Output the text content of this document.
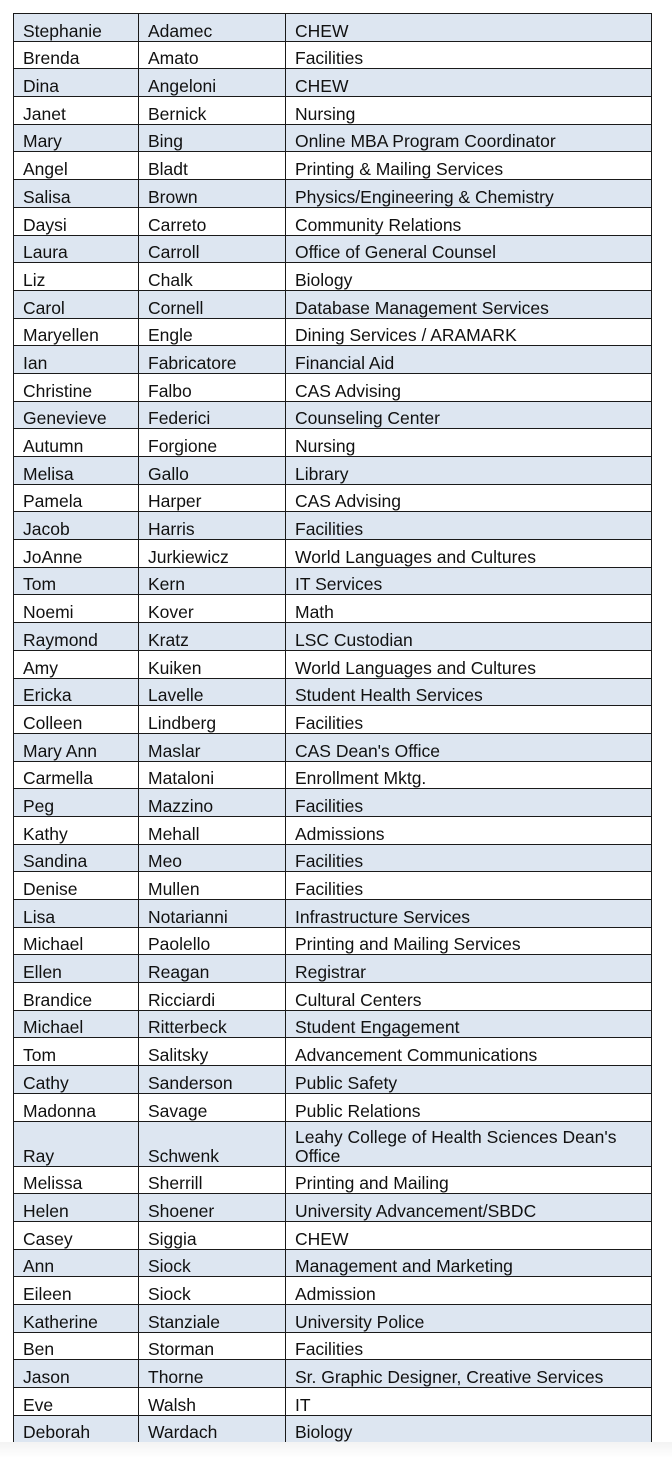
Stephanie	Adamec	CHEW
Brenda	Amato	Facilities
Dina	Angeloni	CHEW
Janet	Bernick	Nursing
Mary	Bing	Online MBA Program Coordinator
Angel	Bladt	Printing & Mailing Services
Salisa	Brown	Physics/Engineering & Chemistry
Daysi	Carreto	Community Relations
Laura	Carroll	Office of General Counsel
Liz	Chalk	Biology
Carol	Cornell	Database Management Services
Maryellen	Engle	Dining Services / ARAMARK
Ian	Fabricatore	Financial Aid
Christine	Falbo	CAS Advising
Genevieve	Federici	Counseling Center
Autumn	Forgione	Nursing
Melisa	Gallo	Library
Pamela	Harper	CAS Advising
Jacob	Harris	Facilities
JoAnne	Jurkiewicz	World Languages and Cultures
Tom	Kern	IT Services
Noemi	Kover	Math
Raymond	Kratz	LSC Custodian
Amy	Kuiken	World Languages and Cultures
Ericka	Lavelle	Student Health Services
Colleen	Lindberg	Facilities
Mary Ann	Maslar	CAS Dean's Office
Carmella	Mataloni	Enrollment Mktg.
Peg	Mazzino	Facilities
Kathy	Mehall	Admissions
Sandina	Meo	Facilities
Denise	Mullen	Facilities
Lisa	Notarianni	Infrastructure Services
Michael	Paolello	Printing and Mailing Services
Ellen	Reagan	Registrar
Brandice	Ricciardi	Cultural Centers
Michael	Ritterbeck	Student Engagement
Tom	Salitsky	Advancement Communications
Cathy	Sanderson	Public Safety
Madonna	Savage	Public Relations
Ray	Schwenk	Leahy College of Health Sciences Dean's Office
Melissa	Sherrill	Printing and Mailing
Helen	Shoener	University Advancement/SBDC
Casey	Siggia	CHEW
Ann	Siock	Management and Marketing
Eileen	Siock	Admission
Katherine	Stanziale	University Police
Ben	Storman	Facilities
Jason	Thorne	Sr. Graphic Designer, Creative Services
Eve	Walsh	IT
Deborah	Wardach	Biology
